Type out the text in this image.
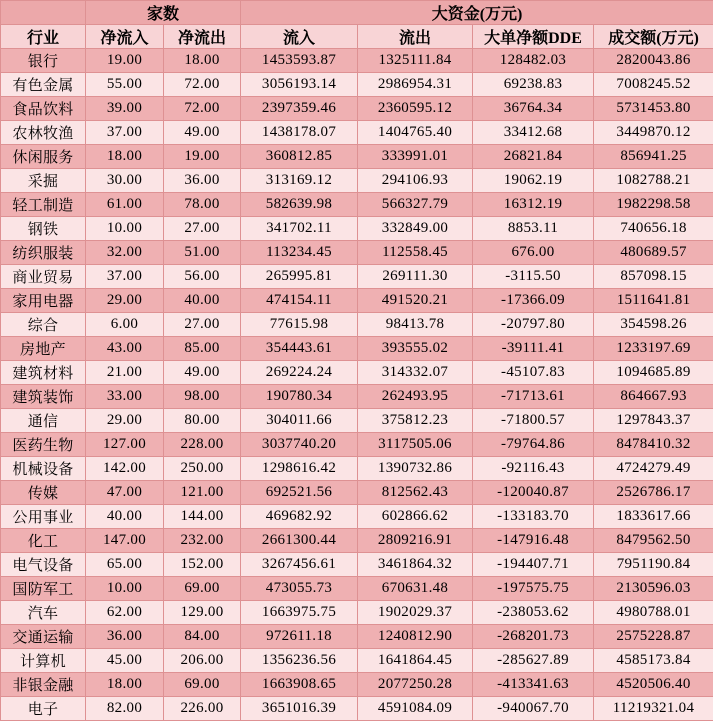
	家数		大资金(万元)			
行业	净流入	净流出	流入	流出	大单净额DDE	成交额(万元)
银行	19.00	18.00	1453593.87	1325111.84	128482.03	2820043.86
有色金属	55.00	72.00	3056193.14	2986954.31	69238.83	7008245.52
食品饮料	39.00	72.00	2397359.46	2360595.12	36764.34	5731453.80
农林牧渔	37.00	49.00	1438178.07	1404765.40	33412.68	3449870.12
休闲服务	18.00	19.00	360812.85	333991.01	26821.84	856941.25
采掘	30.00	36.00	313169.12	294106.93	19062.19	1082788.21
轻工制造	61.00	78.00	582639.98	566327.79	16312.19	1982298.58
钢铁	10.00	27.00	341702.11	332849.00	8853.11	740656.18
纺织服装	32.00	51.00	113234.45	112558.45	676.00	480689.57
商业贸易	37.00	56.00	265995.81	269111.30	-3115.50	857098.15
家用电器	29.00	40.00	474154.11	491520.21	-17366.09	1511641.81
综合	6.00	27.00	77615.98	98413.78	-20797.80	354598.26
房地产	43.00	85.00	354443.61	393555.02	-39111.41	1233197.69
建筑材料	21.00	49.00	269224.24	314332.07	-45107.83	1094685.89
建筑装饰	33.00	98.00	190780.34	262493.95	-71713.61	864667.93
通信	29.00	80.00	304011.66	375812.23	-71800.57	1297843.37
医药生物	127.00	228.00	3037740.20	3117505.06	-79764.86	8478410.32
机械设备	142.00	250.00	1298616.42	1390732.86	-92116.43	4724279.49
传媒	47.00	121.00	692521.56	812562.43	-120040.87	2526786.17
公用事业	40.00	144.00	469682.92	602866.62	-133183.70	1833617.66
化工	147.00	232.00	2661300.44	2809216.91	-147916.48	8479562.50
电气设备	65.00	152.00	3267456.61	3461864.32	-194407.71	7951190.84
国防军工	10.00	69.00	473055.73	670631.48	-197575.75	2130596.03
汽车	62.00	129.00	1663975.75	1902029.37	-238053.62	4980788.01
交通运输	36.00	84.00	972611.18	1240812.90	-268201.73	2575228.87
计算机	45.00	206.00	1356236.56	1641864.45	-285627.89	4585173.84
非银金融	18.00	69.00	1663908.65	2077250.28	-413341.63	4520506.40
电子	82.00	226.00	3651016.39	4591084.09	-940067.70	11219321.04
